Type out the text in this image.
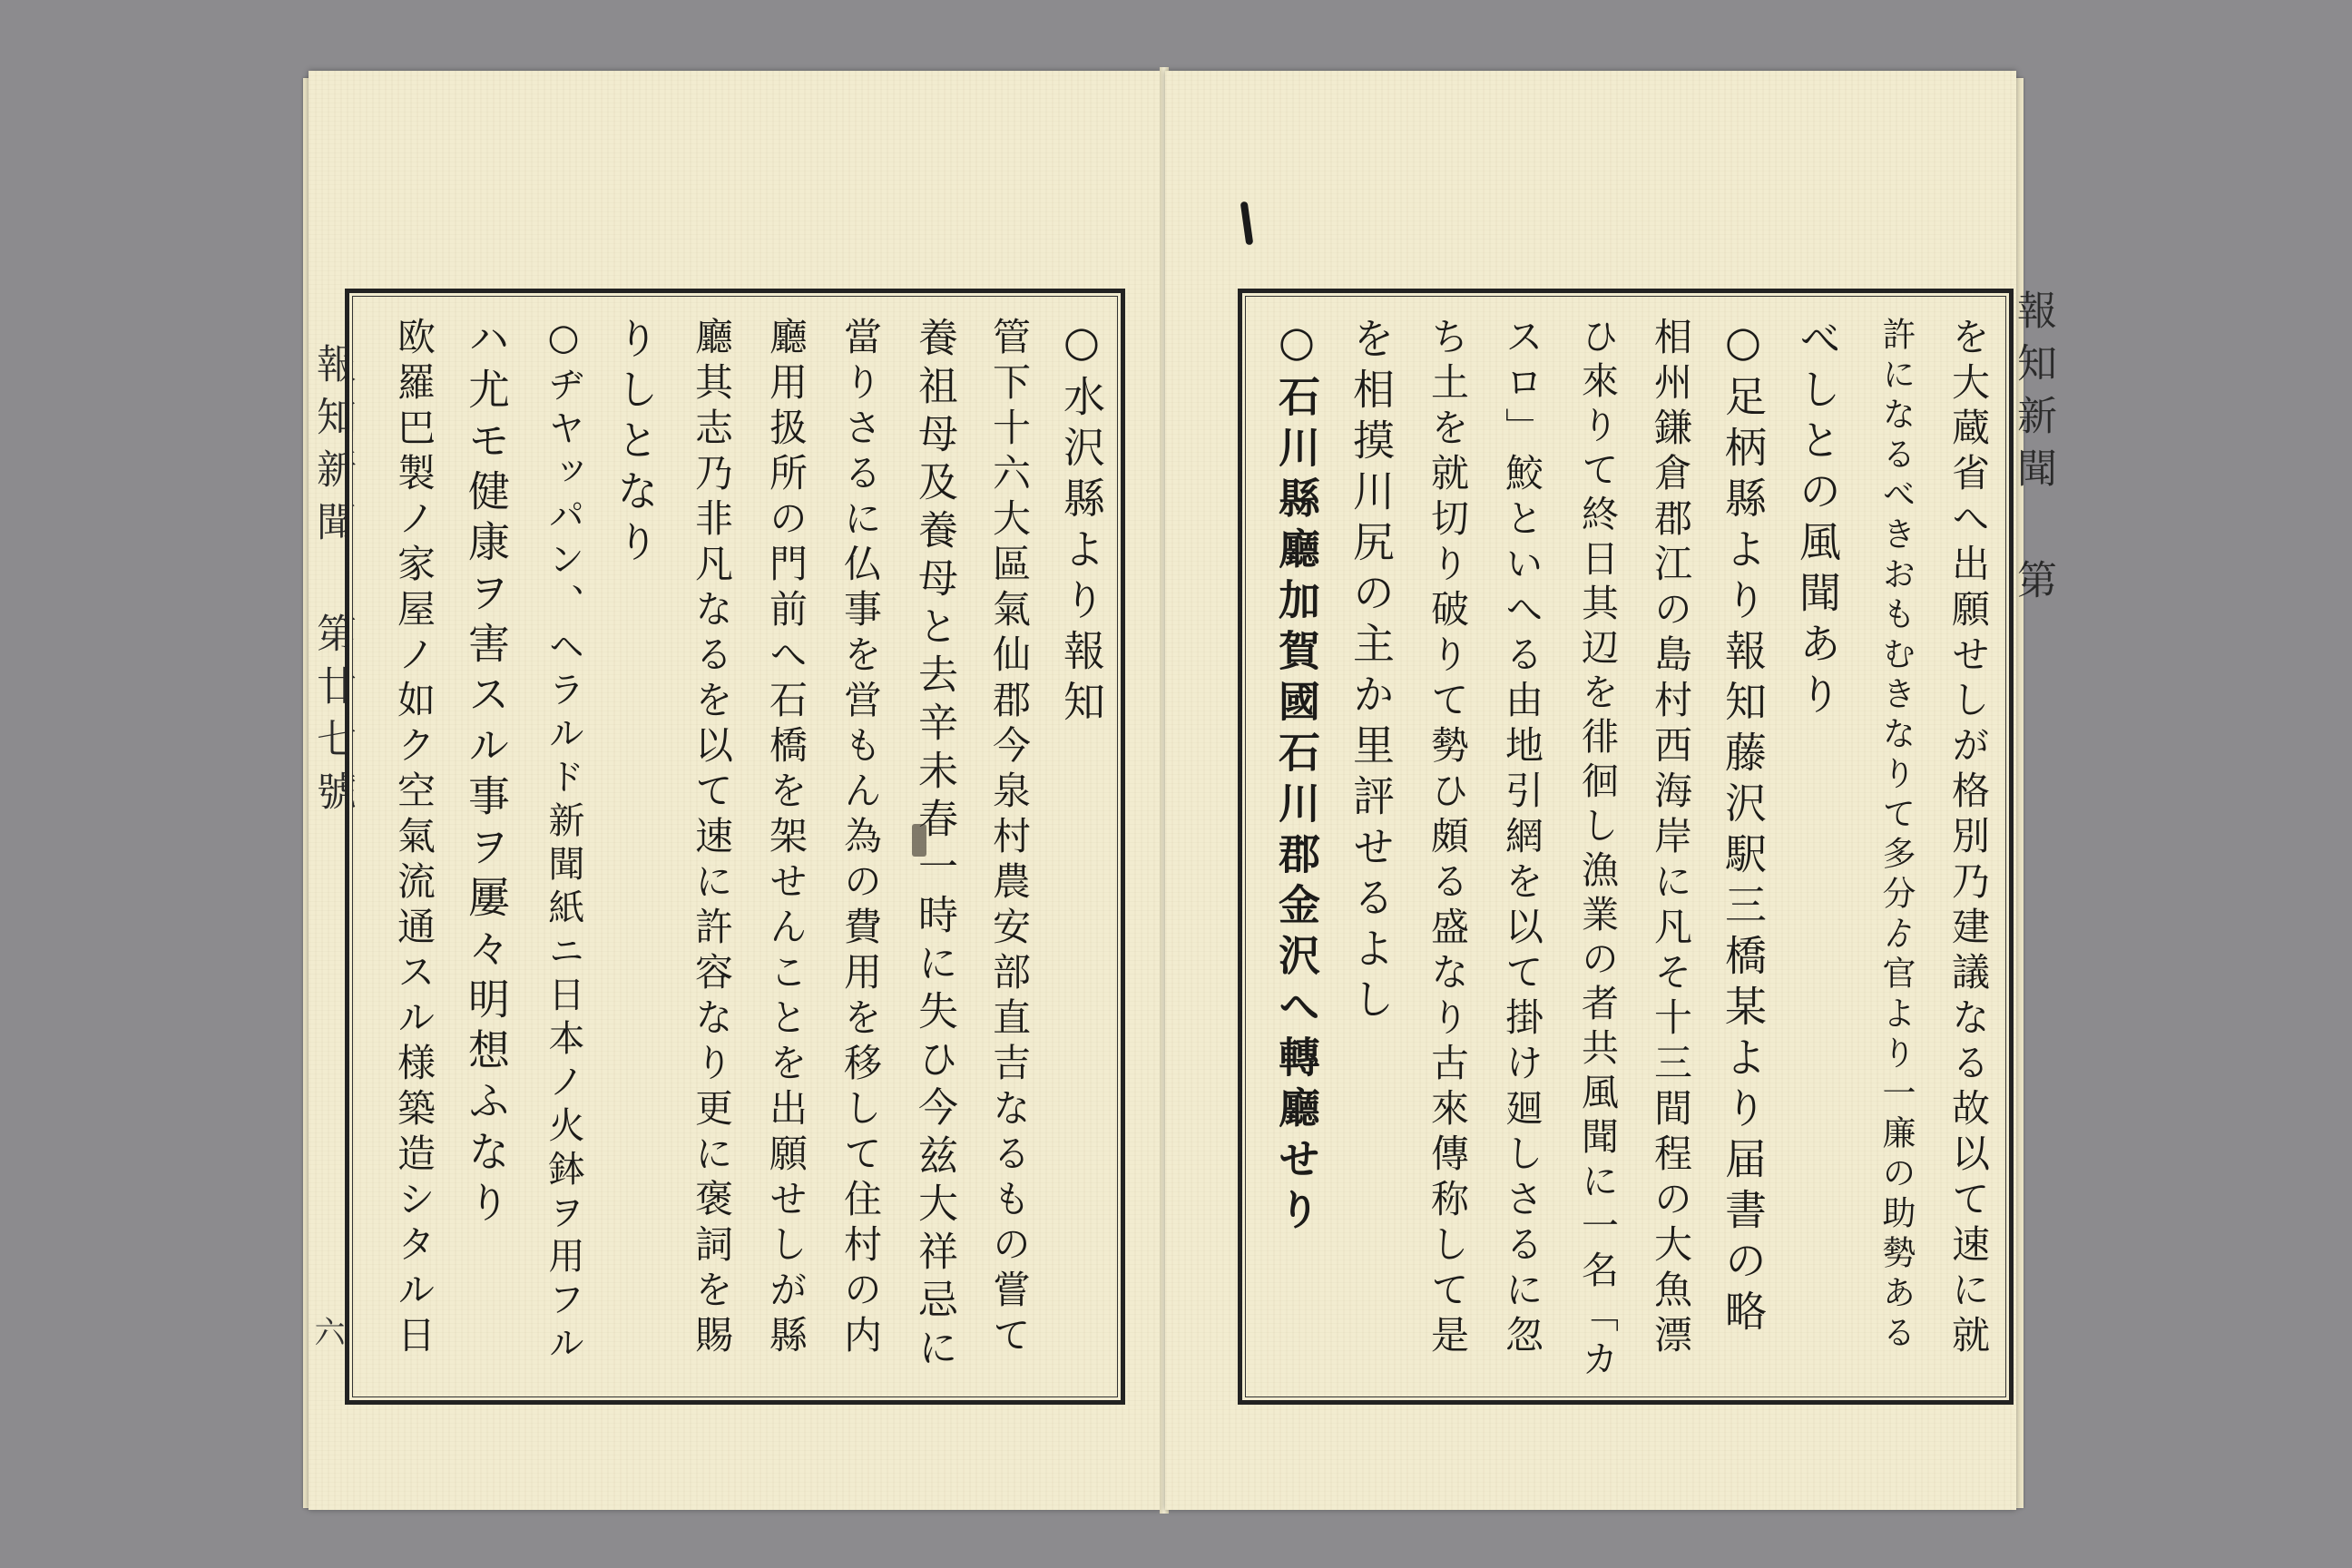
報知新聞 第廿七號
六
○水沢縣より報知
管下十六大區氣仙郡今泉村農安部直吉なるもの嘗て
養祖母及養母と去辛未春一時に失ひ今兹大祥忌に
當りさるに仏事を営もん為の費用を移して住村の内
廳用扱所の門前へ石橋を架せんことを出願せしが縣
廳其志乃非凡なるを以て速に許容なり更に褒詞を賜
りしとなり
○ヂヤッパン、ヘラルド新聞紙ニ日本ノ火鉢ヲ用フル
ハ尤モ健康ヲ害スル事ヲ屢々明想ふなり
欧羅巴製ノ家屋ノ如ク空氣流通スル様築造シタル日	報知新聞 第
を大蔵省へ出願せしが格別乃建議なる故以て速に就
許になるべきおもむきなりて多分ゟ官より一廉の助勢ある
べしとの風聞あり
○足柄縣より報知藤沢駅三橋某より届書の略
相州鎌倉郡江の島村西海岸に凡そ十三間程の大魚漂
ひ來りて終日其辺を徘徊し漁業の者共風聞に一名「カ
スロ」鮫といへる由地引網を以て掛け廻しさるに忽
ち土を就切り破りて勢ひ頗る盛なり古來傳称して是
を相摸川尻の主か里評せるよし
○石川縣廳加賀國石川郡金沢へ轉廳せり
